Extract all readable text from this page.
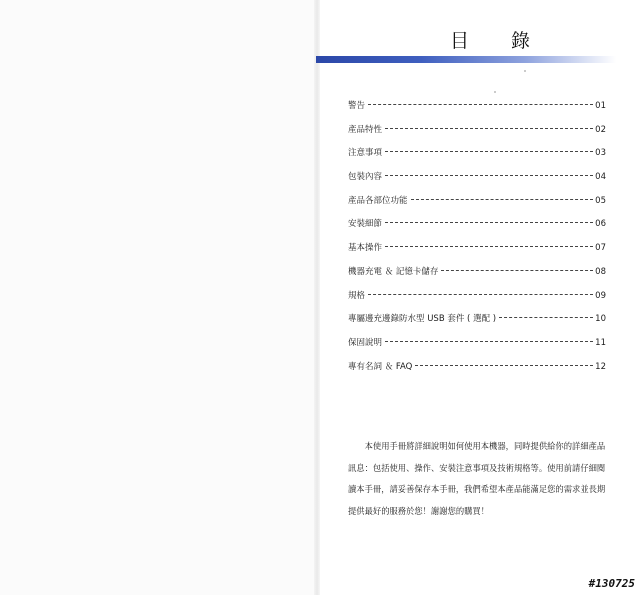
目 錄
警告	01
產品特性	02
注意事項	03
包裝內容	04
產品各部位功能	05
安裝細節	06
基本操作	07
機器充電 ＆ 記憶卡儲存	08
規格	09
專屬邊充邊錄防水型 USB 套件 ( 選配 )	10
保固說明	11
專有名詞 ＆ FAQ	12

本使用手冊將詳細說明如何使用本機器，同時提供給你的詳細產品訊息：包括使用、操作、安裝注意事項及技術規格等。使用前請仔細閱讀本手冊，請妥善保存本手冊，我們希望本產品能滿足您的需求並長期提供最好的服務於您！謝謝您的購買！

#130725
